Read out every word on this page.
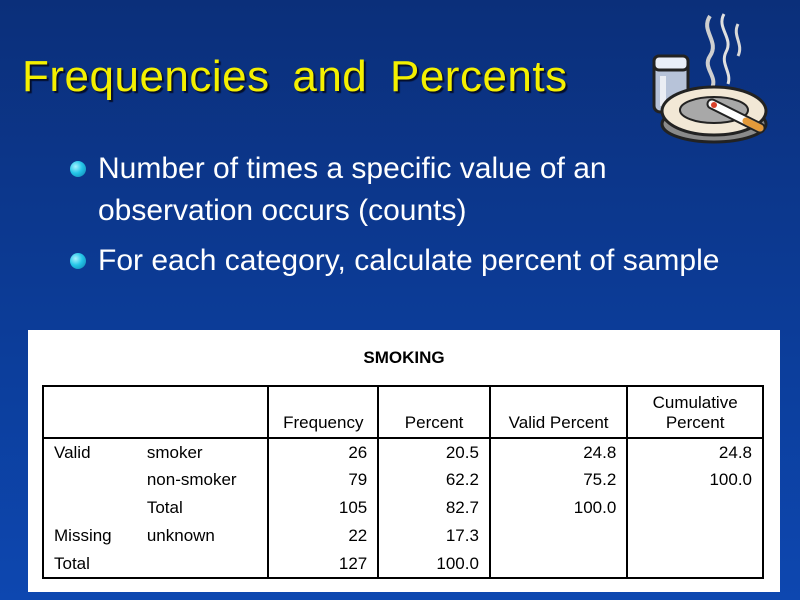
Frequencies and Percents
Number of times a specific value of an observation occurs (counts)
For each category, calculate percent of sample
SMOKING
		Frequency	Percent	Valid Percent	Cumulative Percent
Valid	smoker	26	20.5	24.8	24.8
	non-smoker	79	62.2	75.2	100.0
	Total	105	82.7	100.0	
Missing	unknown	22	17.3		
Total		127	100.0		
